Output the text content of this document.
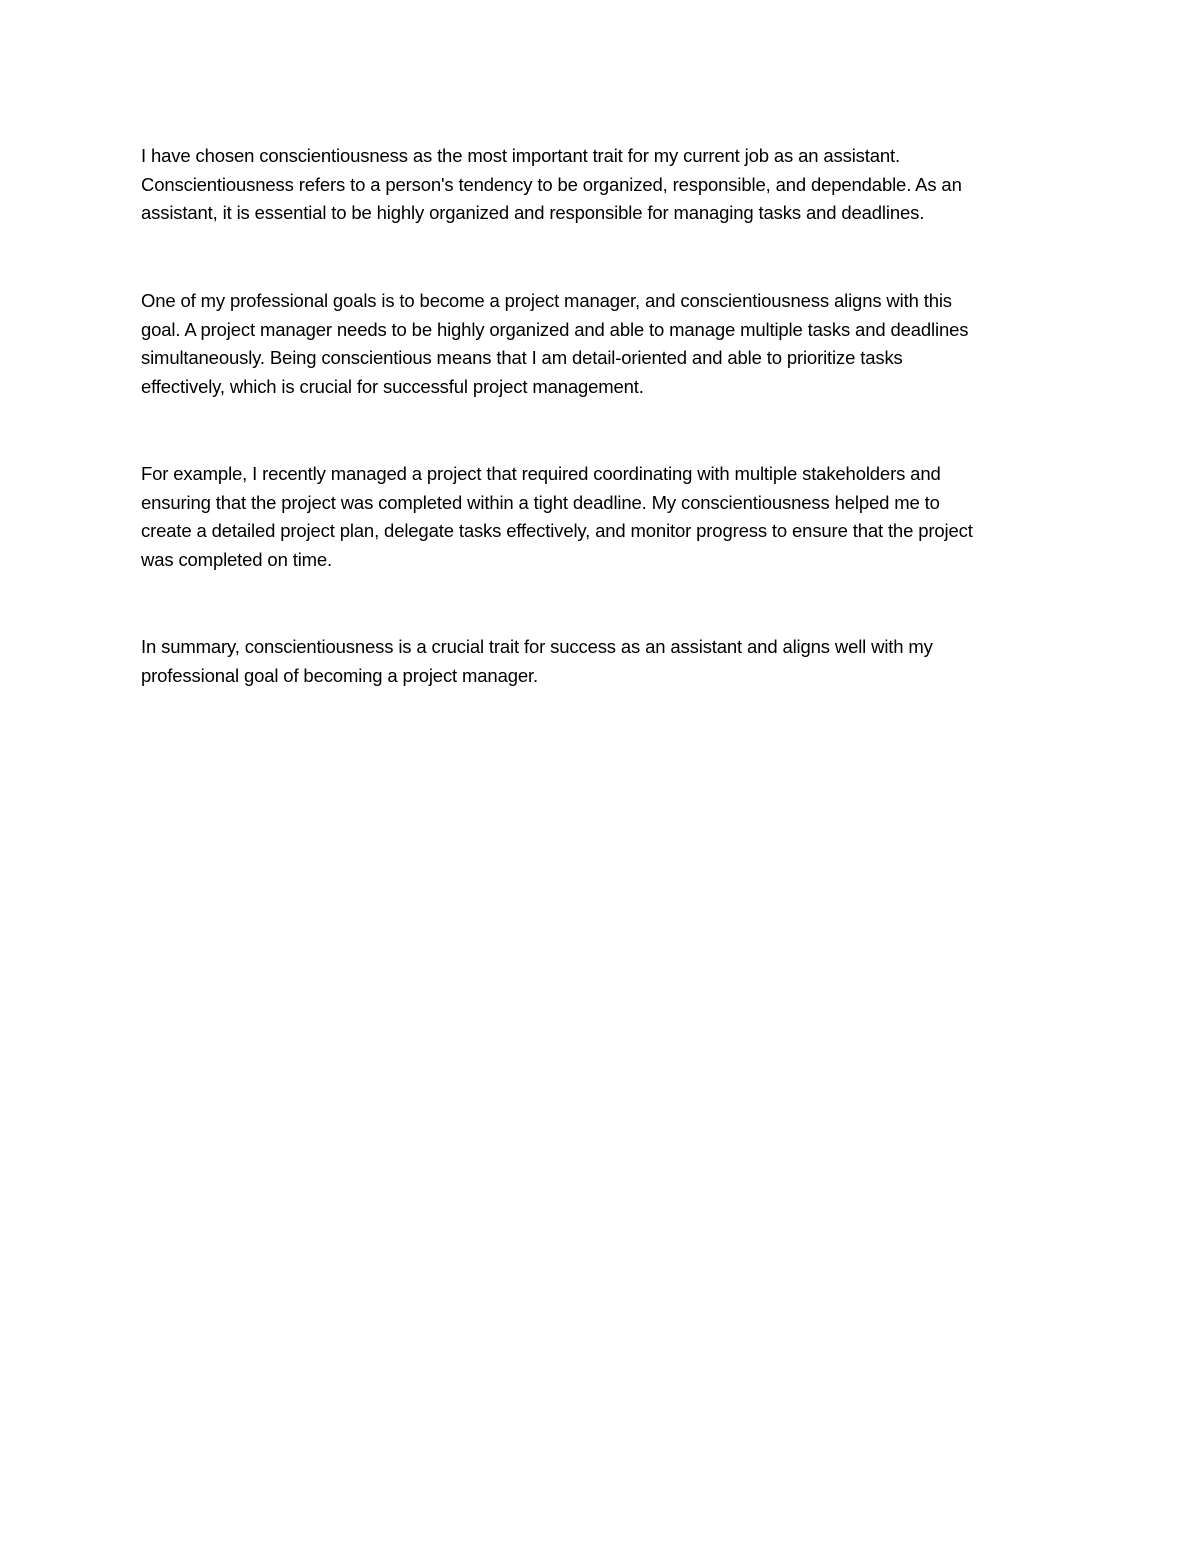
I have chosen conscientiousness as the most important trait for my current job as an assistant.
Conscientiousness refers to a person's tendency to be organized, responsible, and dependable. As an
assistant, it is essential to be highly organized and responsible for managing tasks and deadlines.

One of my professional goals is to become a project manager, and conscientiousness aligns with this
goal. A project manager needs to be highly organized and able to manage multiple tasks and deadlines
simultaneously. Being conscientious means that I am detail-oriented and able to prioritize tasks
effectively, which is crucial for successful project management.

For example, I recently managed a project that required coordinating with multiple stakeholders and
ensuring that the project was completed within a tight deadline. My conscientiousness helped me to
create a detailed project plan, delegate tasks effectively, and monitor progress to ensure that the project
was completed on time.

In summary, conscientiousness is a crucial trait for success as an assistant and aligns well with my
professional goal of becoming a project manager.
